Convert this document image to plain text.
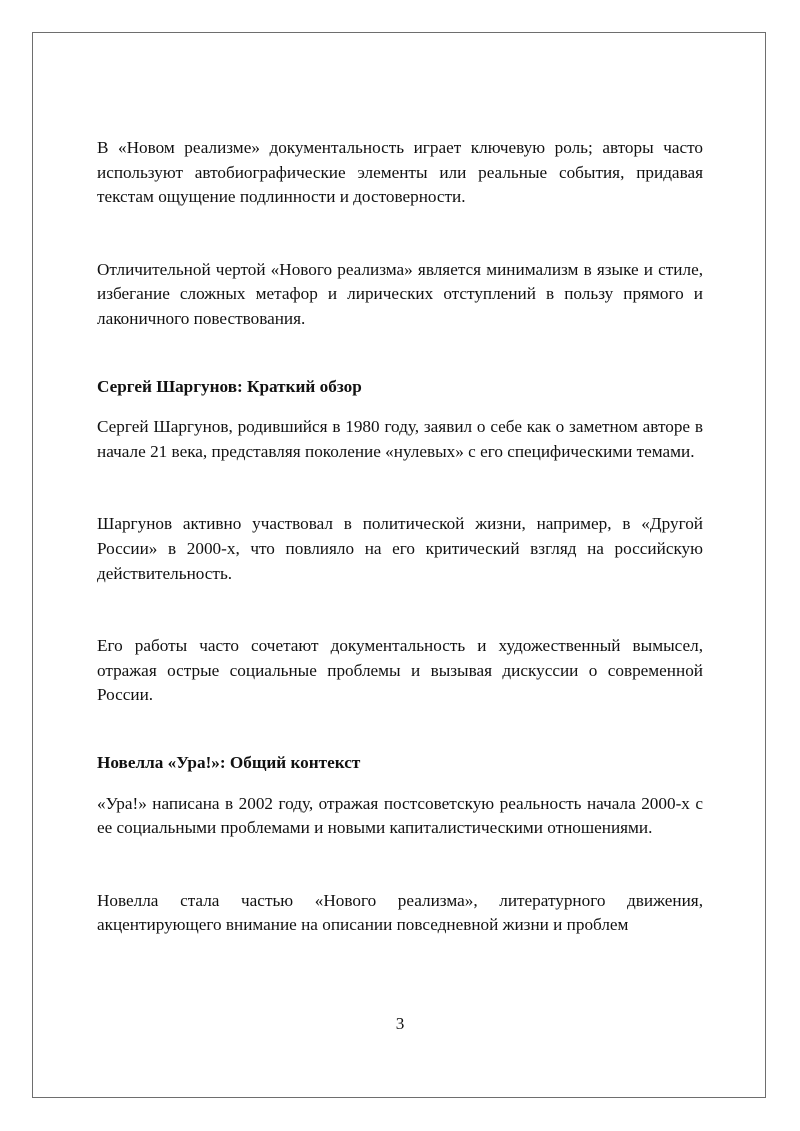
В «Новом реализме» документальность играет ключевую роль; авторы часто используют автобиографические элементы или реальные события, придавая текстам ощущение подлинности и достоверности.

Отличительной чертой «Нового реализма» является минимализм в языке и стиле, избегание сложных метафор и лирических отступлений в пользу прямого и лаконичного повествования.

Сергей Шаргунов: Краткий обзор

Сергей Шаргунов, родившийся в 1980 году, заявил о себе как о заметном авторе в начале 21 века, представляя поколение «нулевых» с его специфическими темами.

Шаргунов активно участвовал в политической жизни, например, в «Другой России» в 2000-х, что повлияло на его критический взгляд на российскую действительность.

Его работы часто сочетают документальность и художественный вымысел, отражая острые социальные проблемы и вызывая дискуссии о современной России.

Новелла «Ура!»: Общий контекст

«Ура!» написана в 2002 году, отражая постсоветскую реальность начала 2000-х с ее социальными проблемами и новыми капиталистическими отношениями.

Новелла стала частью «Нового реализма», литературного движения, акцентирующего внимание на описании повседневной жизни и проблем

3
